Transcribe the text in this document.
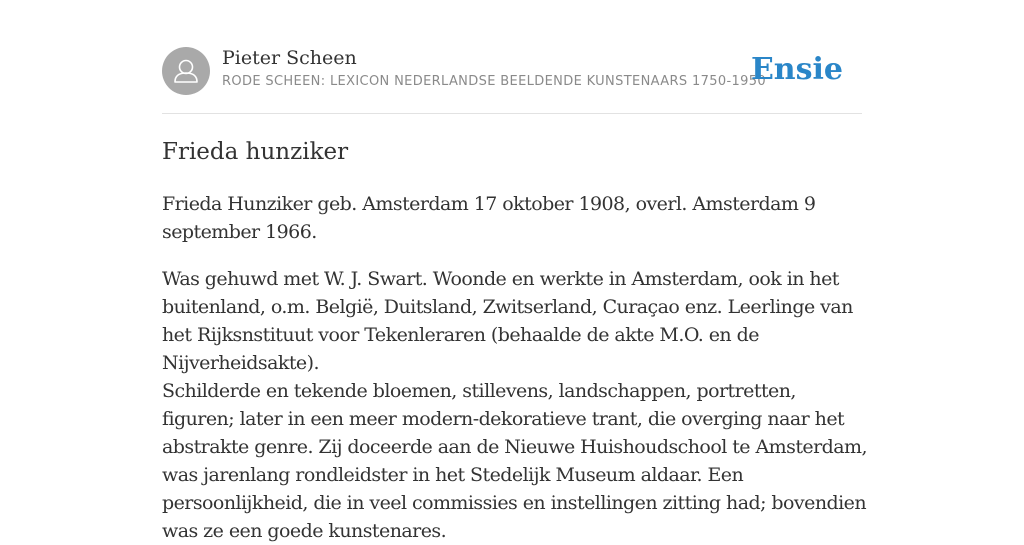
Pieter Scheen
RODE SCHEEN: LEXICON NEDERLANDSE BEELDENDE KUNSTENAARS 1750-1950
Ensie
Frieda hunziker

Frieda Hunziker geb. Amsterdam 17 oktober 1908, overl. Amsterdam 9 september 1966.

Was gehuwd met W. J. Swart. Woonde en werkte in Amsterdam, ook in het buitenland, o.m. België, Duitsland, Zwitserland, Curaçao enz. Leerlinge van het Rijksnstituut voor Tekenleraren (behaalde de akte M.O. en de Nijverheidsakte).

Schilderde en tekende bloemen, stillevens, landschappen, portretten, figuren; later in een meer modern-dekoratieve trant, die overging naar het abstrakte genre. Zij doceerde aan de Nieuwe Huishoudschool te Amsterdam, was jarenlang rondleidster in het Stedelijk Museum aldaar. Een persoonlijkheid, die in veel commissies en instellingen zitting had; bovendien was ze een goede kunstenares.
